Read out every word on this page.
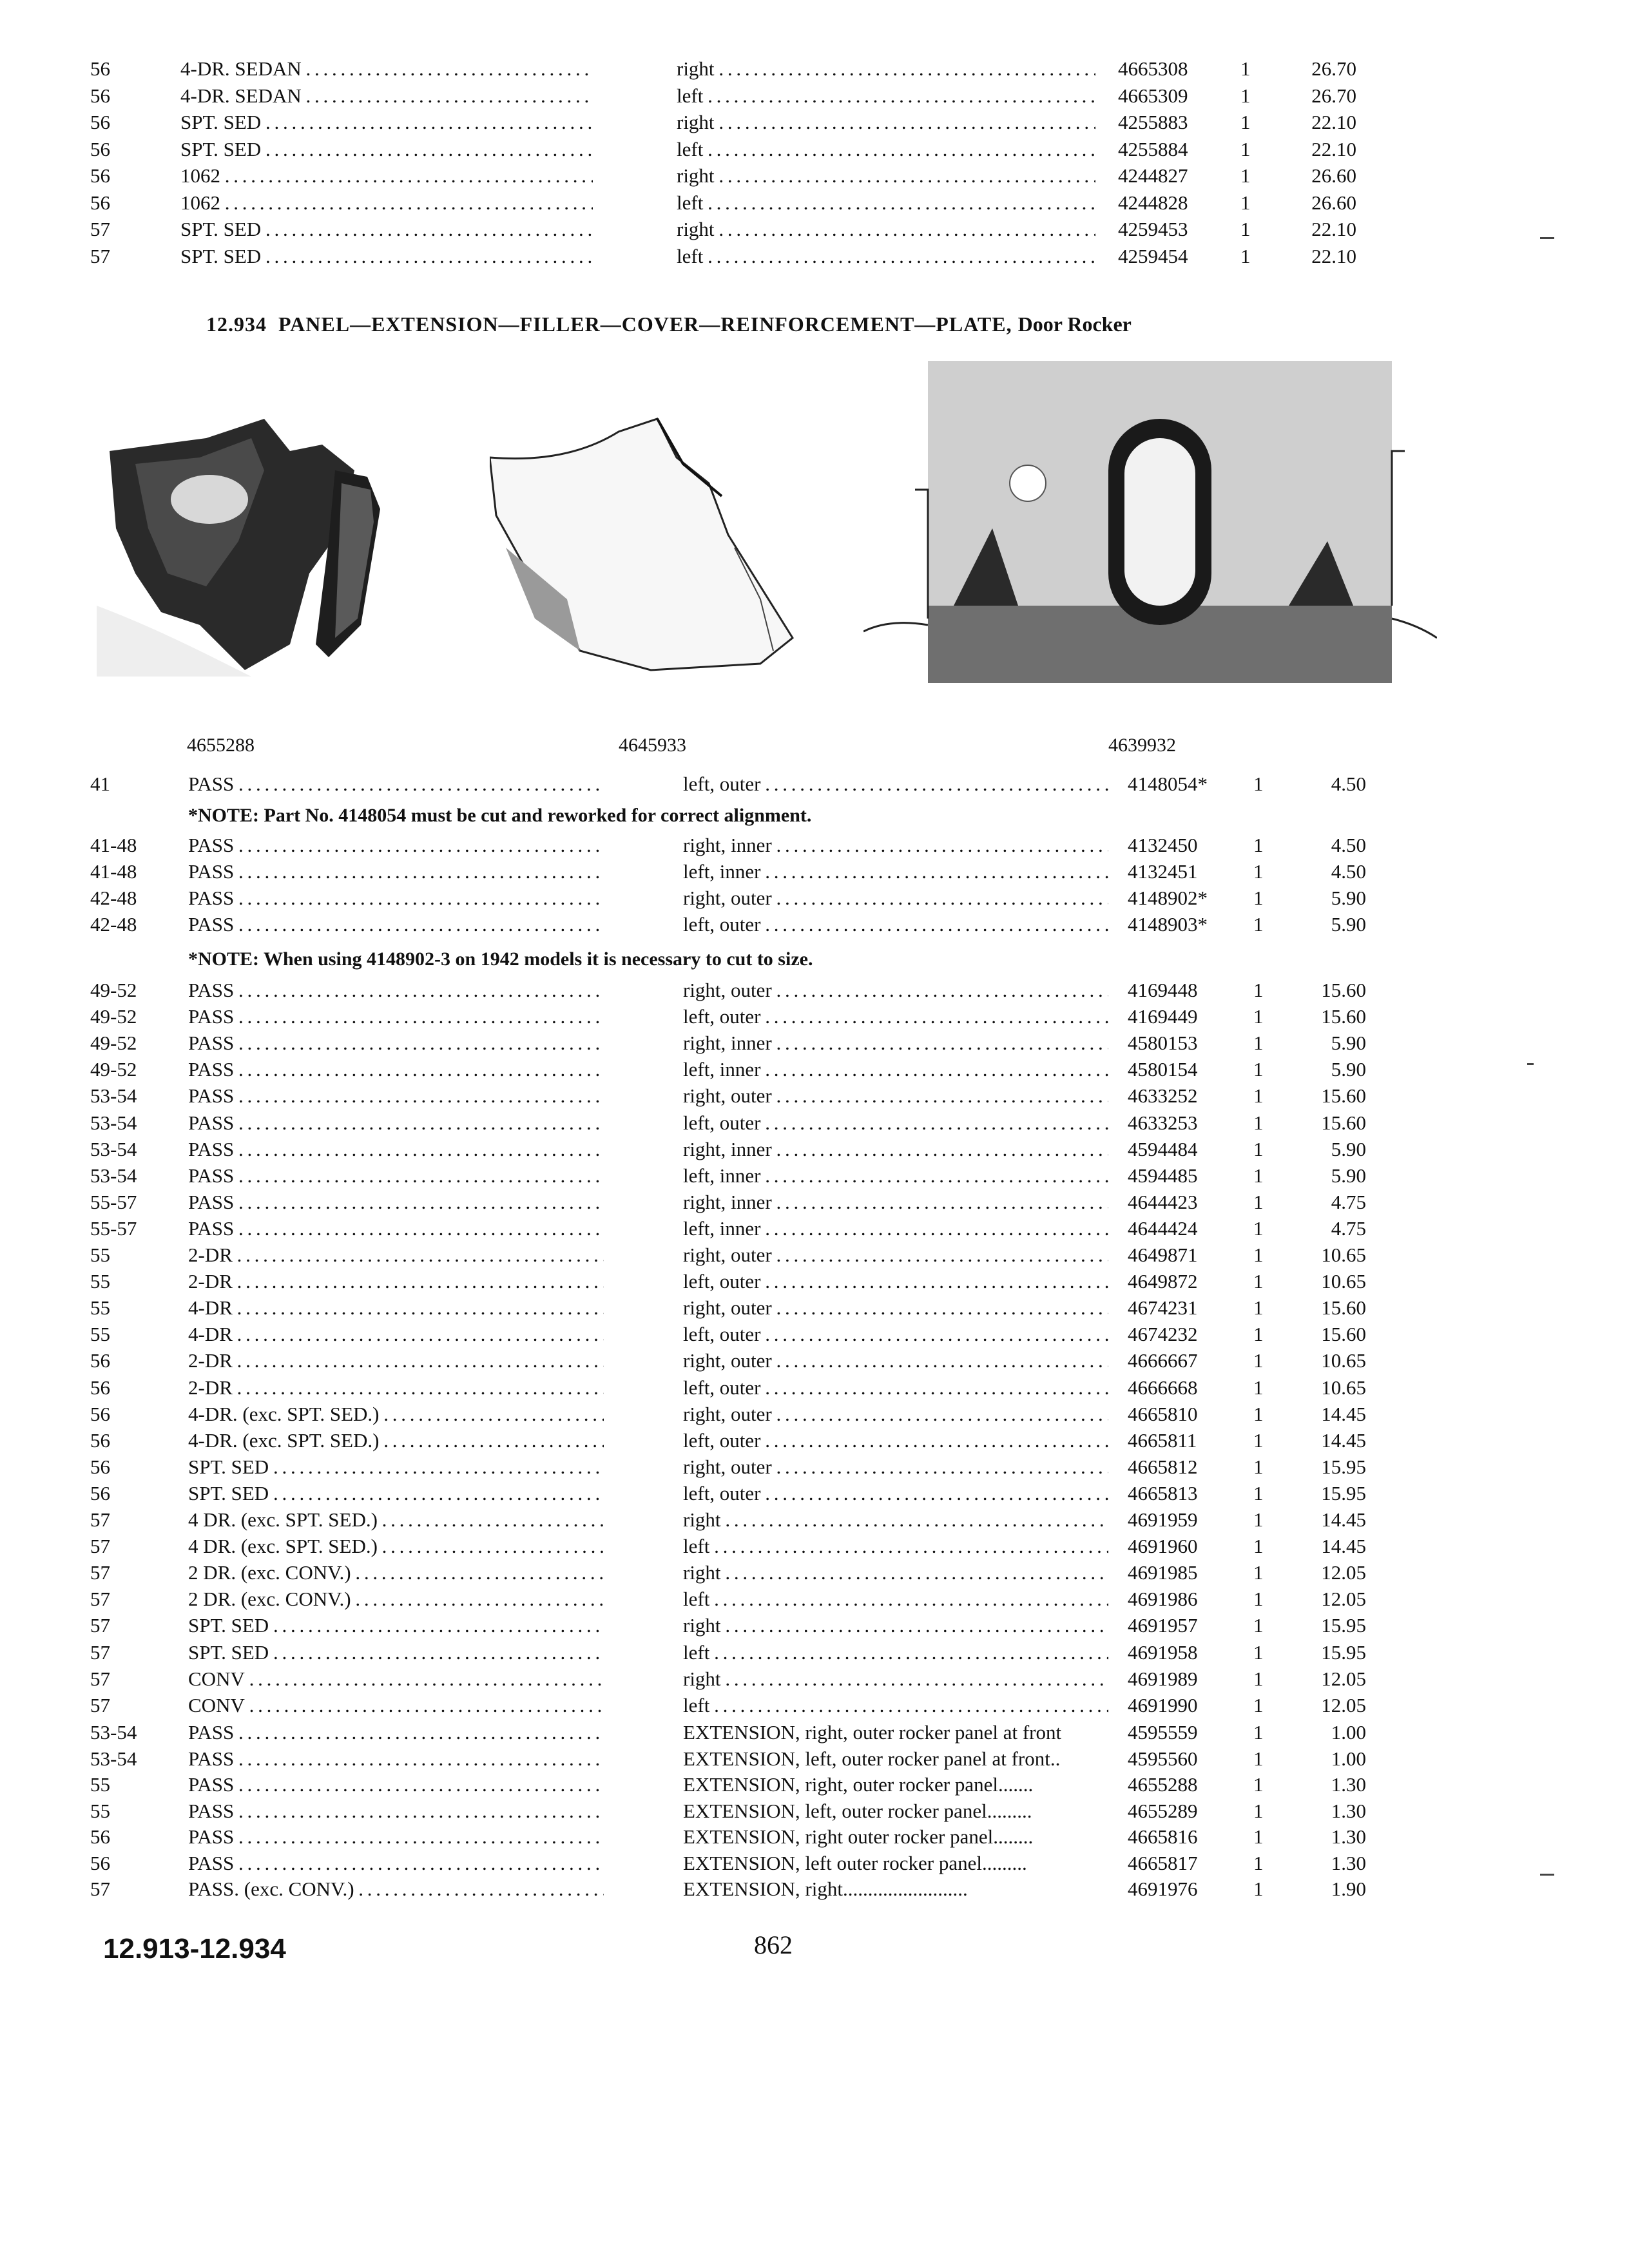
56	4-DR. SEDAN . . .	right . . .	4665308	1	26.70
56	4-DR. SEDAN . . .	left . . .	4665309	1	26.70
56	SPT. SED . . .	right . . .	4255883	1	22.10
56	SPT. SED . . .	left . . .	4255884	1	22.10
56	1062 . . .	right . . .	4244827	1	26.60
56	1062 . . .	left . . .	4244828	1	26.60
57	SPT. SED . . .	right . . .	4259453	1	22.10
57	SPT. SED . . .	left . . .	4259454	1	22.10
12.934 PANEL—EXTENSION—FILLER—COVER—REINFORCEMENT—PLATE, Door Rocker
4655288	4645933	4639932
41	PASS . . .	left, outer . . .	4148054* 1	4.50
*NOTE: Part No. 4148054 must be cut and reworked for correct alignment.
41-48	PASS . . .	right, inner . . .	4132450	1	4.50
41-48	PASS . . .	left, inner . . .	4132451	1	4.50
42-48	PASS . . .	right, outer . . .	4148902* 1	5.90
42-48	PASS . . .	left, outer . . .	4148903* 1	5.90
*NOTE: When using 4148902-3 on 1942 models it is necessary to cut to size.
49-52	PASS . . .	right, outer . . .	4169448	1	15.60
49-52	PASS . . .	left, outer . . .	4169449	1	15.60
49-52	PASS . . .	right, inner . . .	4580153	1	5.90
49-52	PASS . . .	left, inner . . .	4580154	1	5.90
53-54	PASS . . .	right, outer . . .	4633252	1	15.60
53-54	PASS . . .	left, outer . . .	4633253	1	15.60
53-54	PASS . . .	right, inner . . .	4594484	1	5.90
53-54	PASS . . .	left, inner . . .	4594485	1	5.90
55-57	PASS . . .	right, inner . . .	4644423	1	4.75
55-57	PASS . . .	left, inner . . .	4644424	1	4.75
55	2-DR . . .	right, outer . . .	4649871	1	10.65
55	2-DR . . .	left, outer . . .	4649872	1	10.65
55	4-DR . . .	right, outer . . .	4674231	1	15.60
55	4-DR . . .	left, outer . . .	4674232	1	15.60
56	2-DR . . .	right, outer . . .	4666667	1	10.65
56	2-DR . . .	left, outer . . .	4666668	1	10.65
56	4-DR. (exc. SPT. SED.) . . .	right, outer . . .	4665810	1	14.45
56	4-DR. (exc. SPT. SED.) . . .	left, outer . . .	4665811	1	14.45
56	SPT. SED . . .	right, outer . . .	4665812	1	15.95
56	SPT. SED . . .	left, outer . . .	4665813	1	15.95
57	4 DR. (exc. SPT. SED.) . . .	right . . .	4691959	1	14.45
57	4 DR. (exc. SPT. SED.) . . .	left . . .	4691960	1	14.45
57	2 DR. (exc. CONV.) . . .	right . . .	4691985	1	12.05
57	2 DR. (exc. CONV.) . . .	left . . .	4691986	1	12.05
57	SPT. SED . . .	right . . .	4691957	1	15.95
57	SPT. SED . . .	left . . .	4691958	1	15.95
57	CONV . . .	right . . .	4691989	1	12.05
57	CONV . . .	left . . .	4691990	1	12.05
53-54	PASS . . .	EXTENSION, right, outer rocker panel at front	4595559	1	1.00
53-54	PASS . . .	EXTENSION, left, outer rocker panel at front..	4595560	1	1.00
55	PASS . . .	EXTENSION, right, outer rocker panel.......	4655288	1	1.30
55	PASS . . .	EXTENSION, left, outer rocker panel.........	4655289	1	1.30
56	PASS . . .	EXTENSION, right outer rocker panel........	4665816	1	1.30
56	PASS . . .	EXTENSION, left outer rocker panel.........	4665817	1	1.30
57	PASS. (exc. CONV.) . . .	EXTENSION, right.........................	4691976	1	1.90
12.913-12.934	862
